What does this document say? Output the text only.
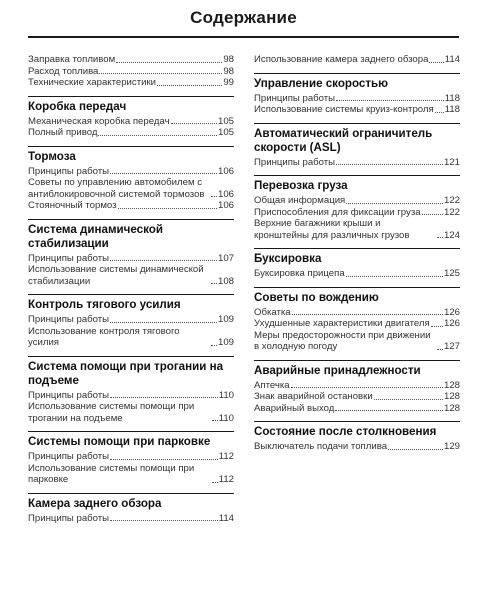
Содержание
Заправка топливом	98
Расход топлива	98
Технические характеристики	99
Коробка передач
Механическая коробка передач	105
Полный привод	105
Тормоза
Принципы работы	106
Советы по управлению автомобилем с антиблокировочной системой тормозов	106
Стояночный тормоз	106
Система динамической стабилизации
Принципы работы	107
Использование системы динамической стабилизации	108
Контроль тягового усилия
Принципы работы	109
Использование контроля тягового усилия	109
Система помощи при трогании на подъеме
Принципы работы	110
Использование системы помощи при трогании на подъеме	110
Системы помощи при парковке
Принципы работы	112
Использование системы помощи при парковке	112
Камера заднего обзора
Принципы работы	114
Использование камера заднего обзора 114
Управление скоростью
Принципы работы	118
Использование системы круиз-контроля 118
Автоматический ограничитель скорости (ASL)
Принципы работы	121
Перевозка груза
Общая информация	122
Приспособления для фиксации груза 122
Верхние багажники крыши и кронштейны для различных грузов	124
Буксировка
Буксировка прицепа	125
Советы по вождению
Обкатка	126
Ухудшенные характеристики двигателя 126
Меры предосторожности при движении в холодную погоду	127
Аварийные принадлежности
Аптечка	128
Знак аварийной остановки	128
Аварийный выход	128
Состояние после столкновения
Выключатель подачи топлива	129
